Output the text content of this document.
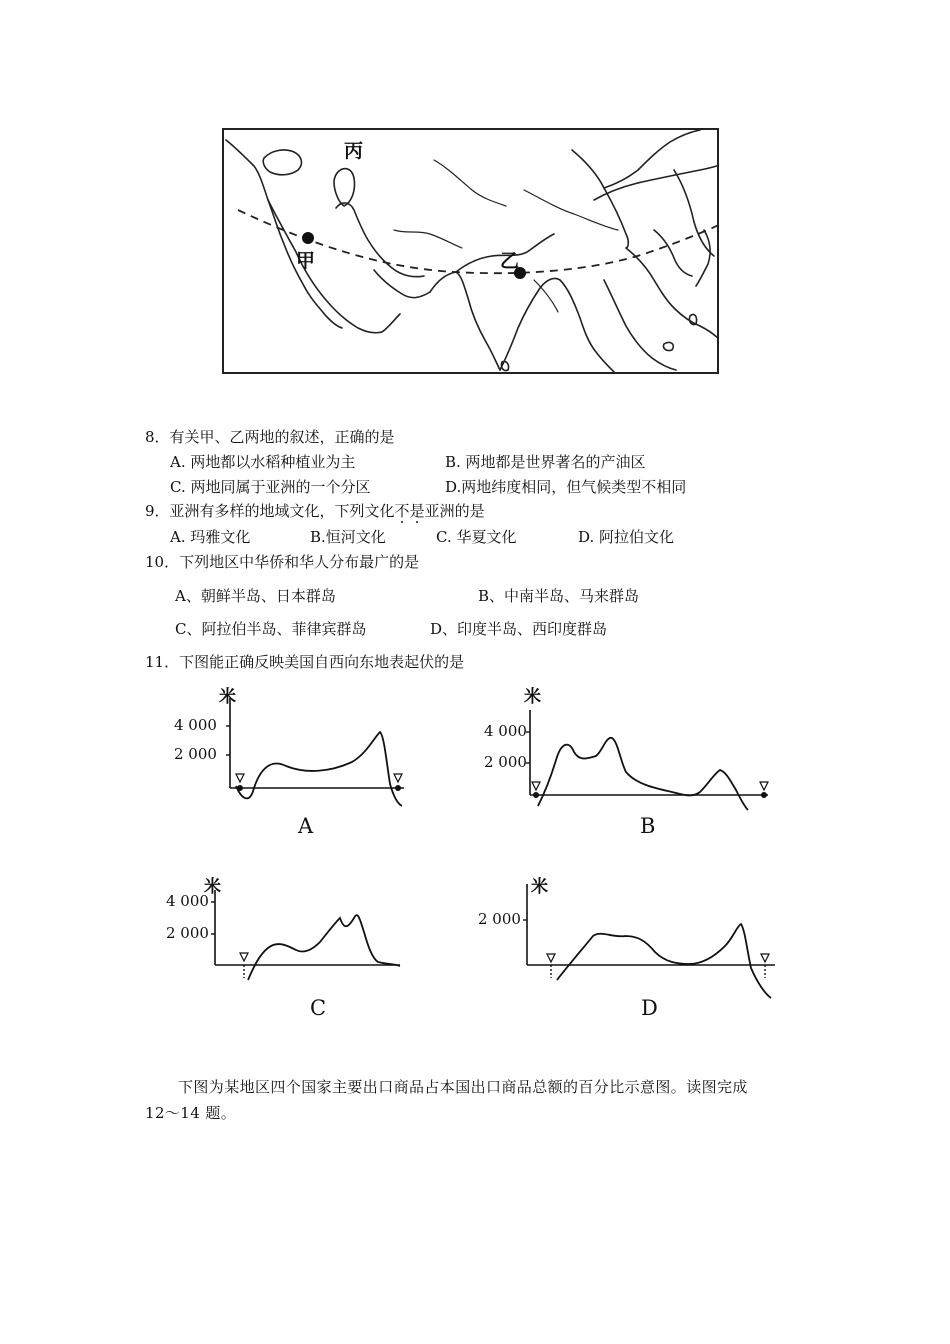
丙
甲	乙
8．有关甲、乙两地的叙述，正确的是
A. 两地都以水稻种植业为主	B. 两地都是世界著名的产油区
C. 两地同属于亚洲的一个分区	D.两地纬度相同，但气候类型不相同
9．亚洲有多样的地域文化，下列文化不是亚洲的是
A. 玛雅文化	B.恒河文化	C. 华夏文化	D. 阿拉伯文化
10．下列地区中华侨和华人分布最广的是
A、朝鲜半岛、日本群岛	B、中南半岛、马来群岛
C、阿拉伯半岛、菲律宾群岛	D、印度半岛、西印度群岛
11．下图能正确反映美国自西向东地表起伏的是
米
4 000
2 000
A
米
4 000
2 000
B
米
4 000
2 000
C
米
2 000
D
下图为某地区四个国家主要出口商品占本国出口商品总额的百分比示意图。读图完成
12～14 题。
